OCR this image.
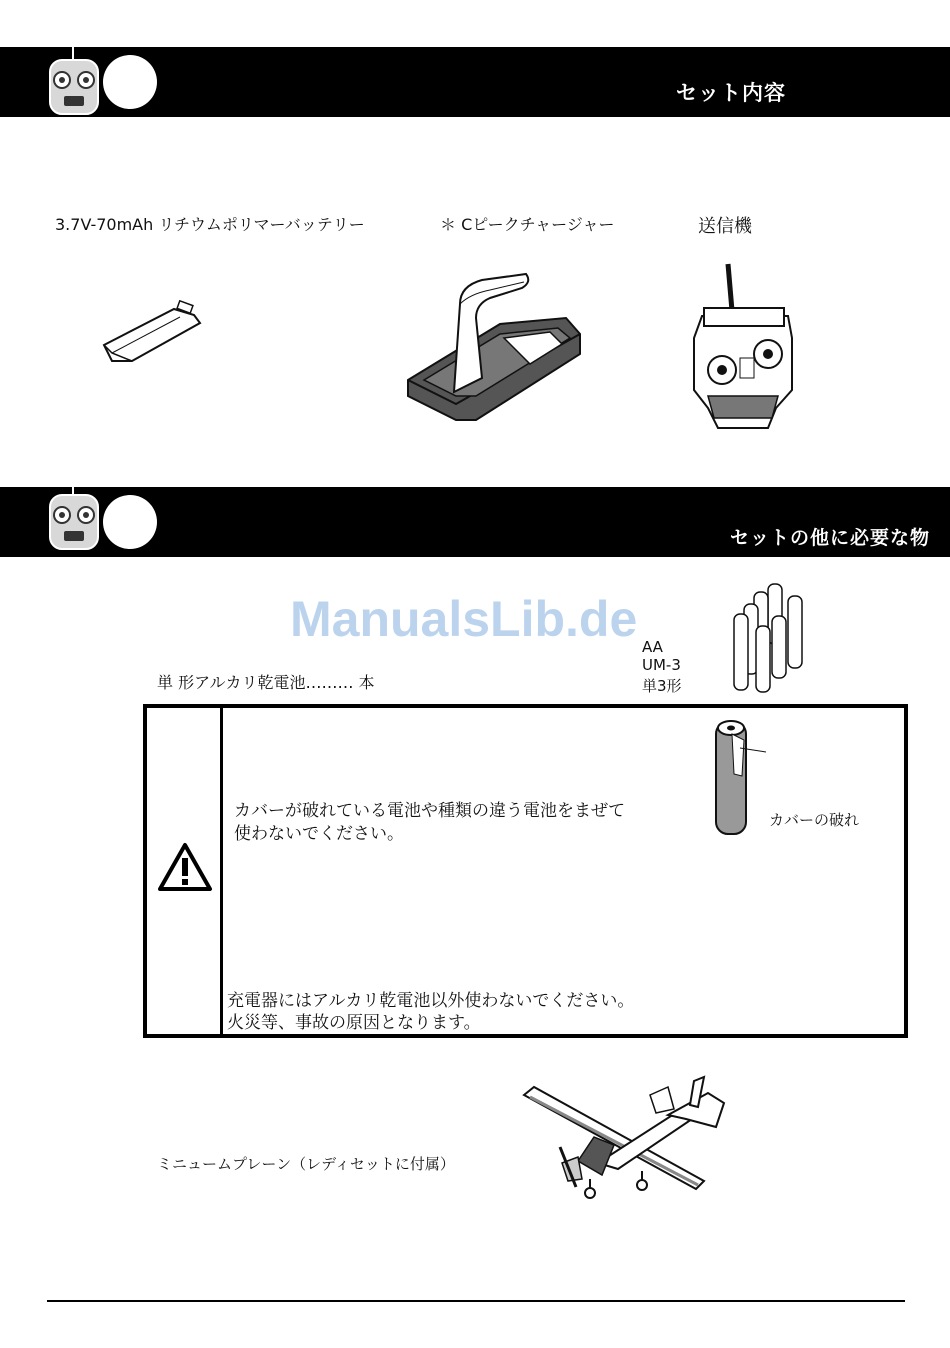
セット内容
3.7V-70mAh リチウムポリマーバッテリー	＊ Cピークチャージャー	送信機
セットの他に必要な物
ManualsLib.de
単 形アルカリ乾電池……… 本
AA
UM-3
単3形
カバーが破れている電池や種類の違う電池をまぜて
使わないでください。
カバーの破れ
充電器にはアルカリ乾電池以外使わないでください。
火災等、事故の原因となります。
ミニュームプレーン（レディセットに付属）
